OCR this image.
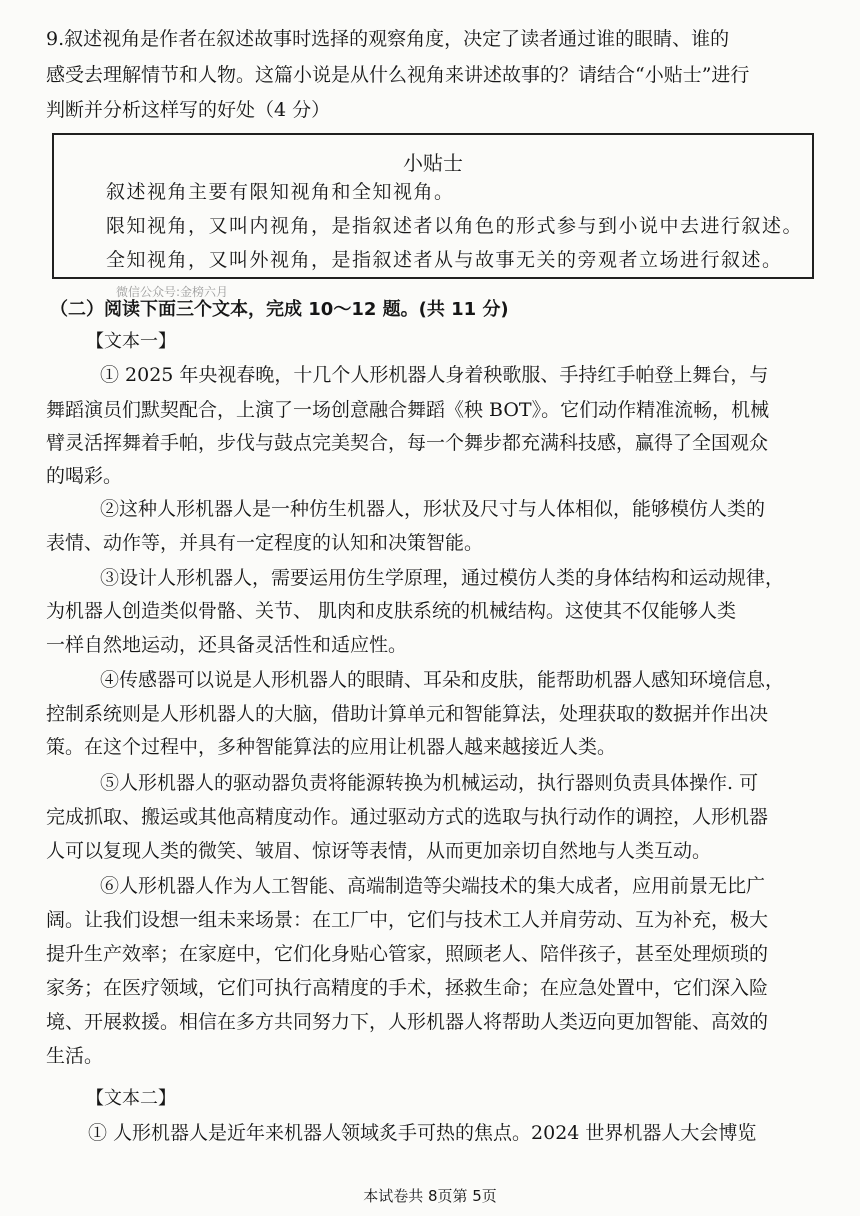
9.叙述视角是作者在叙述故事时选择的观察角度，决定了读者通过谁的眼睛、谁的
感受去理解情节和人物。这篇小说是从什么视角来讲述故事的？请结合“小贴士”进行
判断并分析这样写的好处（4 分）
小贴士
叙述视角主要有限知视角和全知视角。
限知视角，又叫内视角，是指叙述者以角色的形式参与到小说中去进行叙述。
全知视角，又叫外视角，是指叙述者从与故事无关的旁观者立场进行叙述。
微信公众号:金榜六月
（二）阅读下面三个文本，完成 10～12 题。(共 11 分)
【文本一】
① 2025 年央视春晚，十几个人形机器人身着秧歌服、手持红手帕登上舞台，与
舞蹈演员们默契配合，上演了一场创意融合舞蹈《秧 BOT》。它们动作精准流畅，机械
臂灵活挥舞着手帕，步伐与鼓点完美契合，每一个舞步都充满科技感，赢得了全国观众
的喝彩。
②这种人形机器人是一种仿生机器人，形状及尺寸与人体相似，能够模仿人类的
表情、动作等，并具有一定程度的认知和决策智能。
③设计人形机器人，需要运用仿生学原理，通过模仿人类的身体结构和运动规律，
为机器人创造类似骨骼、关节、 肌肉和皮肤系统的机械结构。这使其不仅能够人类
一样自然地运动，还具备灵活性和适应性。
④传感器可以说是人形机器人的眼睛、耳朵和皮肤，能帮助机器人感知环境信息，
控制系统则是人形机器人的大脑，借助计算单元和智能算法，处理获取的数据并作出决
策。在这个过程中，多种智能算法的应用让机器人越来越接近人类。
⑤人形机器人的驱动器负责将能源转换为机械运动，执行器则负责具体操作. 可
完成抓取、搬运或其他高精度动作。通过驱动方式的选取与执行动作的调控，人形机器
人可以复现人类的微笑、皱眉、惊讶等表情，从而更加亲切自然地与人类互动。
⑥人形机器人作为人工智能、高端制造等尖端技术的集大成者，应用前景无比广
阔。让我们设想一组未来场景：在工厂中，它们与技术工人并肩劳动、互为补充，极大
提升生产效率；在家庭中，它们化身贴心管家，照顾老人、陪伴孩子，甚至处理烦琐的
家务；在医疗领域，它们可执行高精度的手术，拯救生命；在应急处置中，它们深入险
境、开展救援。相信在多方共同努力下，人形机器人将帮助人类迈向更加智能、高效的
生活。
【文本二】
① 人形机器人是近年来机器人领域炙手可热的焦点。2024 世界机器人大会博览
本试卷共 8页第 5页
